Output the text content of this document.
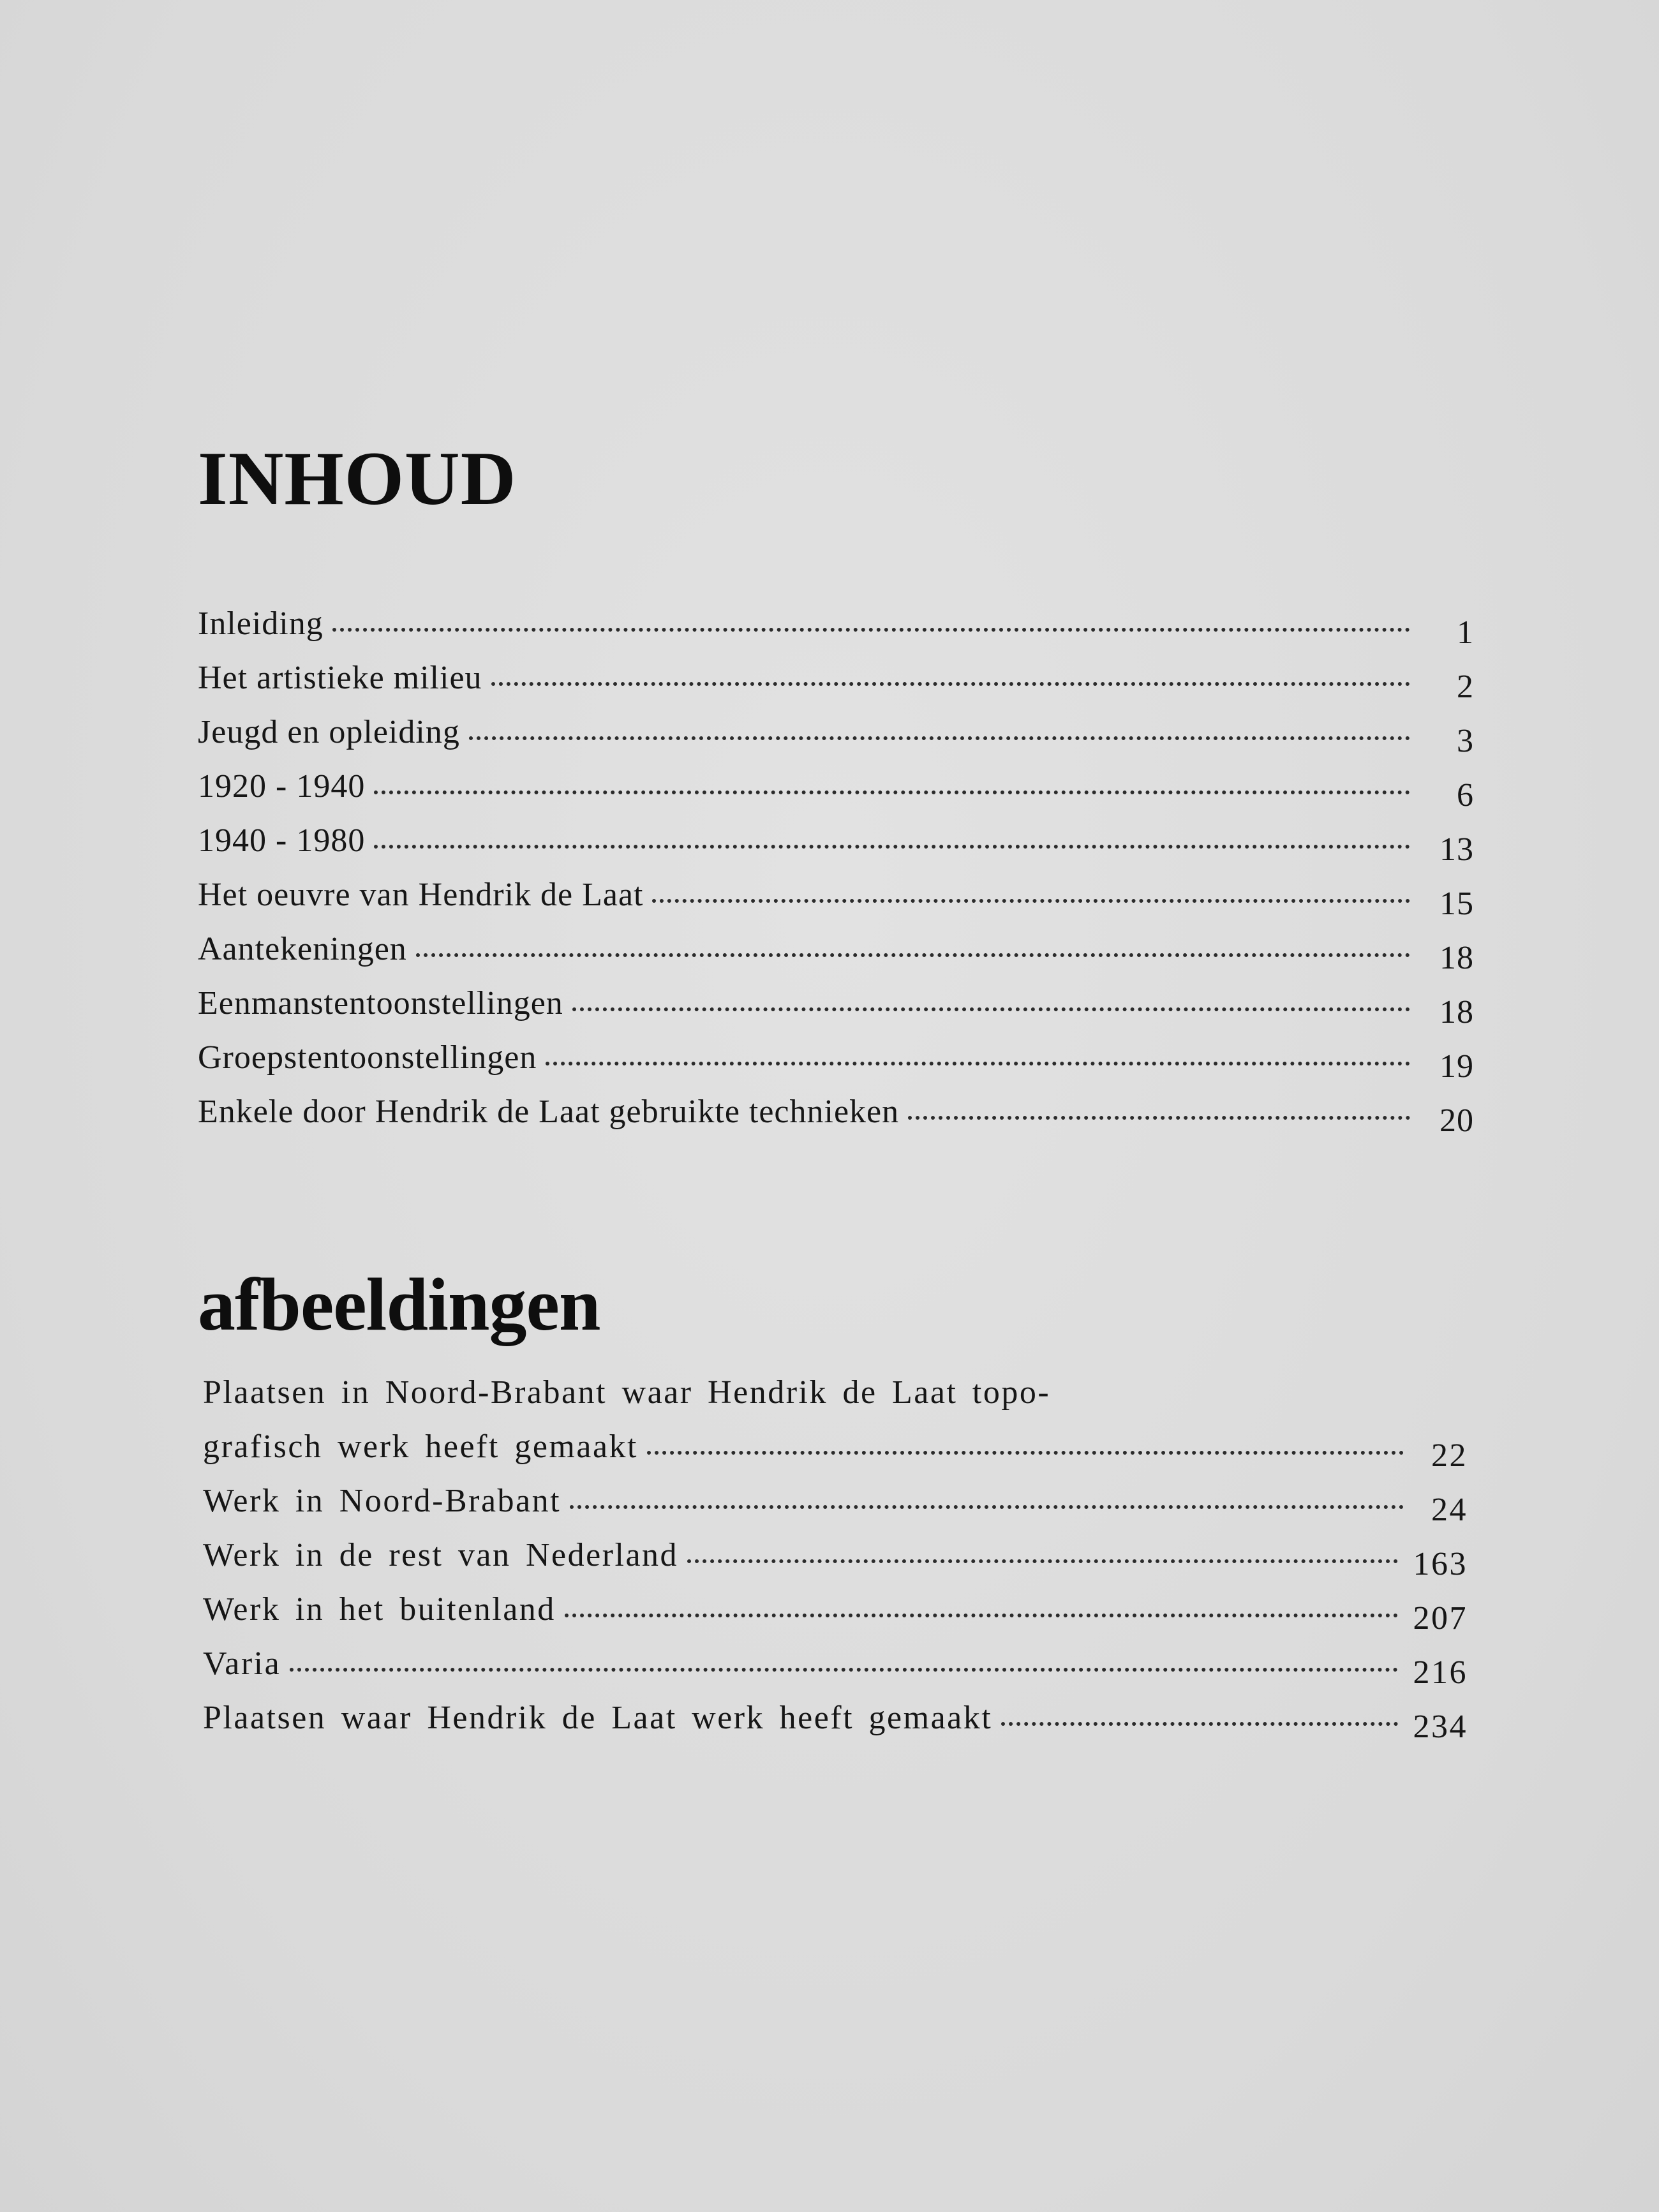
INHOUD
Inleiding	1
Het artistieke milieu	2
Jeugd en opleiding	3
1920 - 1940	6
1940 - 1980	13
Het oeuvre van Hendrik de Laat	15
Aantekeningen	18
Eenmanstentoonstellingen	18
Groepstentoonstellingen	19
Enkele door Hendrik de Laat gebruikte technieken	20
afbeeldingen
Plaatsen in Noord-Brabant waar Hendrik de Laat topo-
grafisch werk heeft gemaakt	22
Werk in Noord-Brabant	24
Werk in de rest van Nederland	163
Werk in het buitenland	207
Varia	216
Plaatsen waar Hendrik de Laat werk heeft gemaakt	234
